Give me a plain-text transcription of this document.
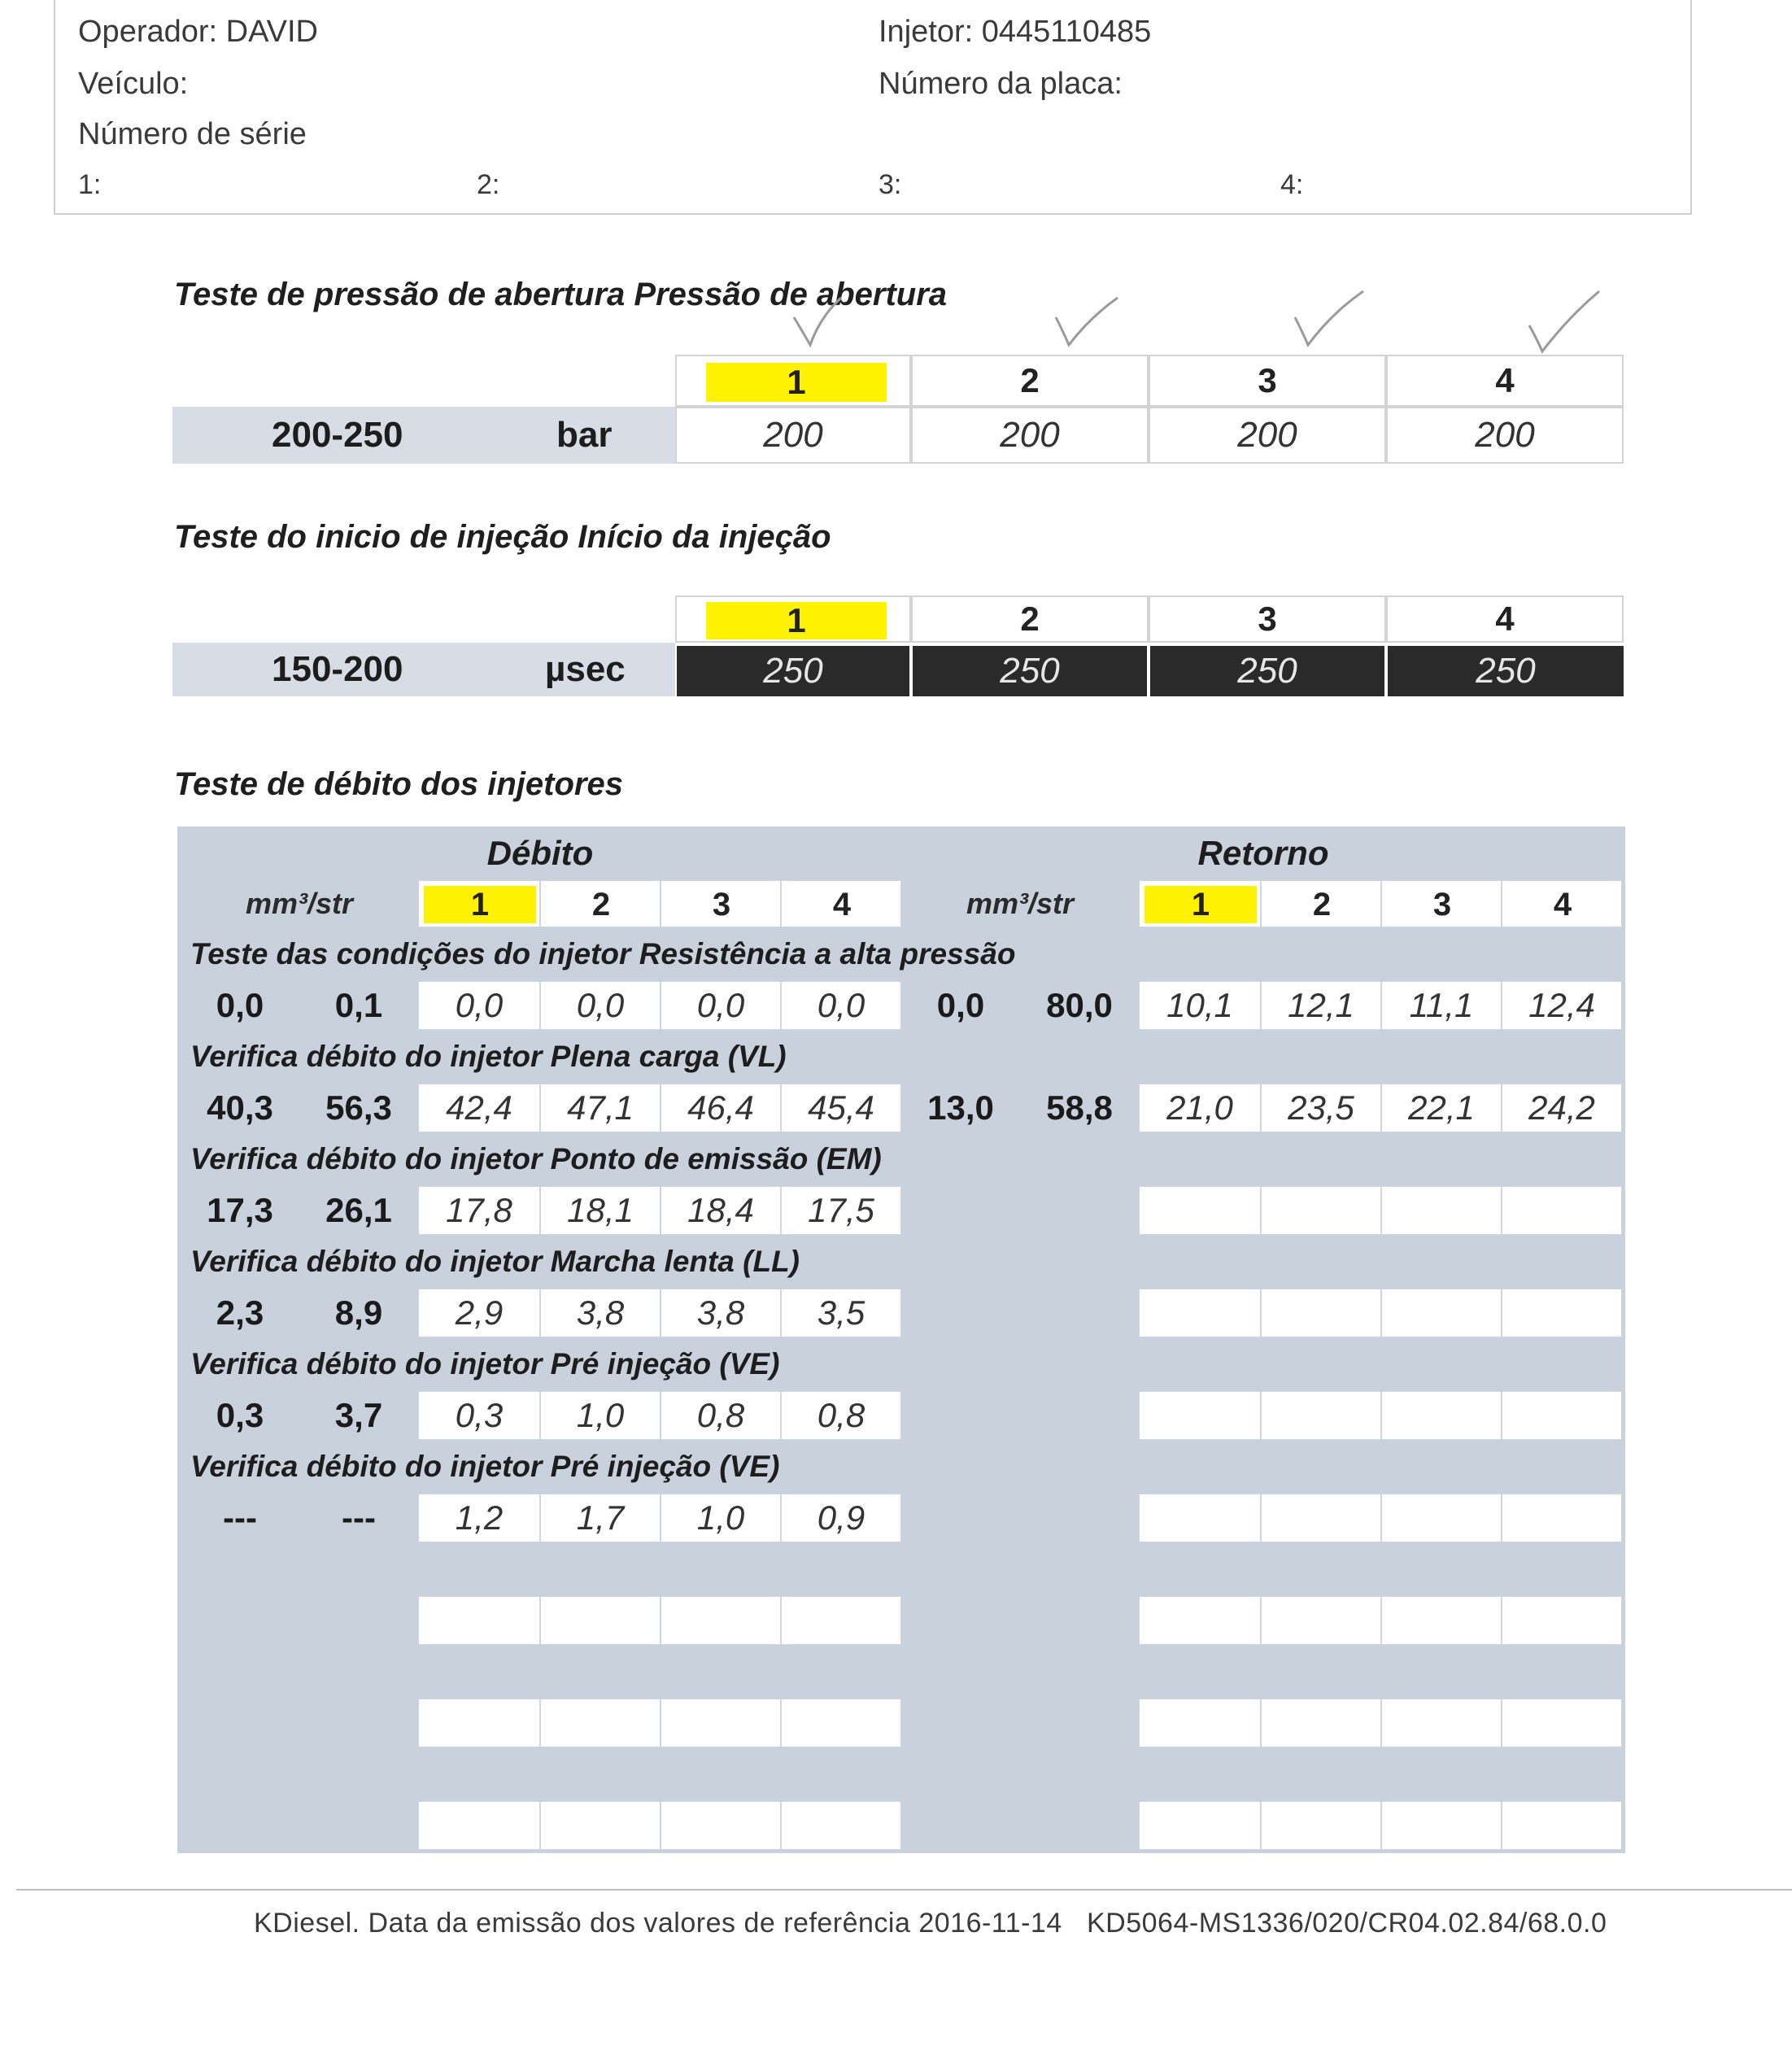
Operador: DAVID	Injetor: 0445110485
Veículo:	Número da placa:
Número de série
1:	2:	3:	4:
Teste de pressão de abertura Pressão de abertura
200-250	bar
1	2	3	4
200	200	200	200
Teste do inicio de injeção Início da injeção
150-200	µsec
1	2	3	4
250	250	250	250
Teste de débito dos injetores
Débito	Retorno
mm³/str	1	2	3	4	mm³/str	1	2	3	4
Teste das condições do injetor Resistência a alta pressão
0,0	0,1	0,0	0,0	0,0	0,0	0,0	80,0	10,1	12,1	11,1	12,4
Verifica débito do injetor Plena carga (VL)
40,3	56,3	42,4	47,1	46,4	45,4	13,0	58,8	21,0	23,5	22,1	24,2
Verifica débito do injetor Ponto de emissão (EM)
17,3	26,1	17,8	18,1	18,4	17,5
Verifica débito do injetor Marcha lenta (LL)
2,3	8,9	2,9	3,8	3,8	3,5
Verifica débito do injetor Pré injeção (VE)
0,3	3,7	0,3	1,0	0,8	0,8
Verifica débito do injetor Pré injeção (VE)
---	---	1,2	1,7	1,0	0,9
KDiesel. Data da emissão dos valores de referência 2016-11-14 KD5064-MS1336/020/CR04.02.84/68.0.0
